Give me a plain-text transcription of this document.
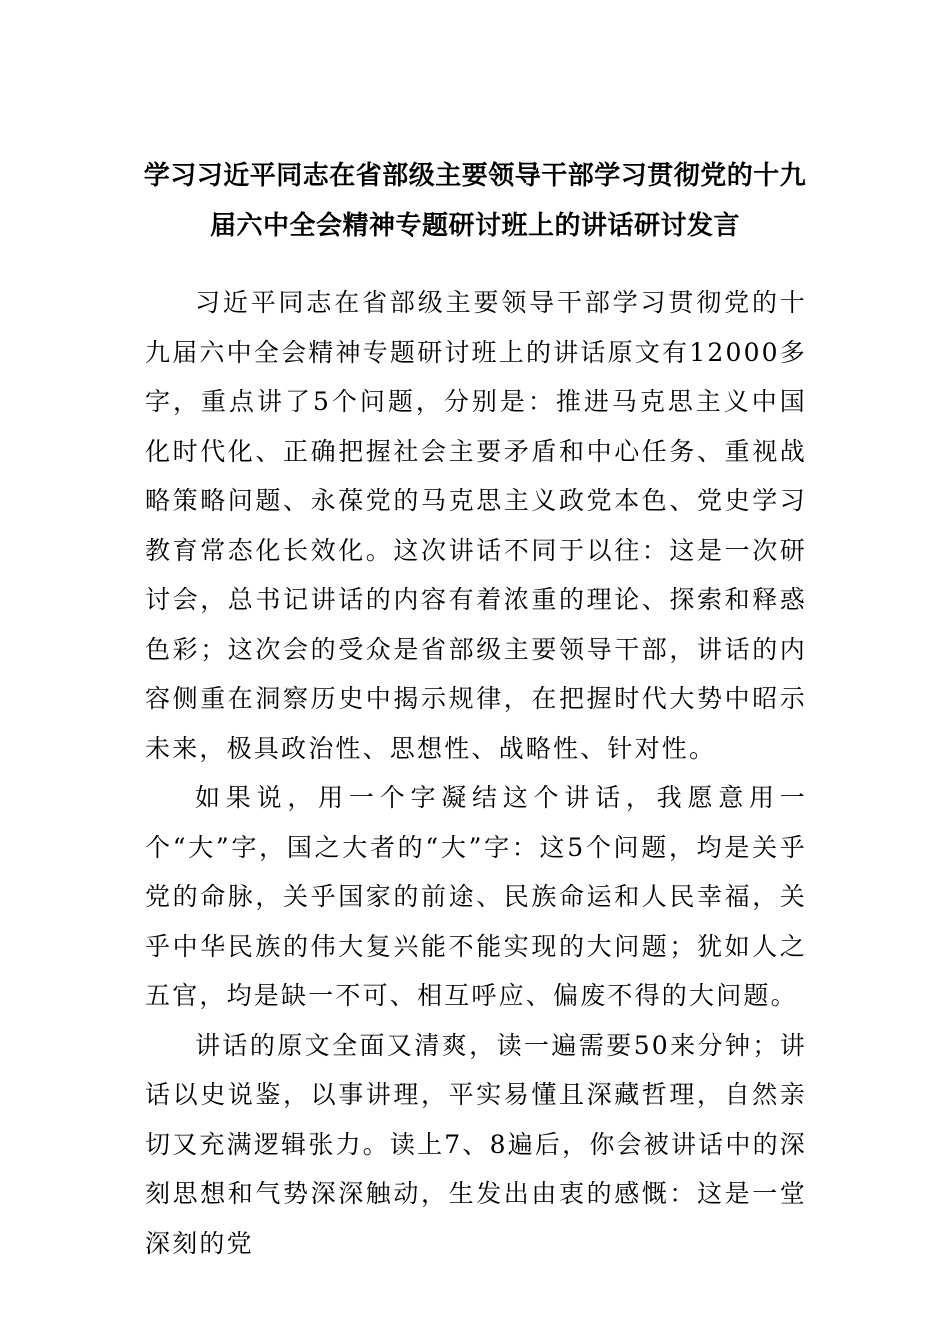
学习习近平同志在省部级主要领导干部学习贯彻党的十九
届六中全会精神专题研讨班上的讲话研讨发言

习近平同志在省部级主要领导干部学习贯彻党的十九届六中全会精神专题研讨班上的讲话原文有12000多字，重点讲了5个问题，分别是：推进马克思主义中国化时代化、正确把握社会主要矛盾和中心任务、重视战略策略问题、永葆党的马克思主义政党本色、党史学习教育常态化长效化。这次讲话不同于以往：这是一次研讨会，总书记讲话的内容有着浓重的理论、探索和释惑色彩；这次会的受众是省部级主要领导干部，讲话的内容侧重在洞察历史中揭示规律，在把握时代大势中昭示未来，极具政治性、思想性、战略性、针对性。

如果说，用一个字凝结这个讲话，我愿意用一个“大”字，国之大者的“大”字：这5个问题，均是关乎党的命脉，关乎国家的前途、民族命运和人民幸福，关乎中华民族的伟大复兴能不能实现的大问题；犹如人之五官，均是缺一不可、相互呼应、偏废不得的大问题。

讲话的原文全面又清爽，读一遍需要50来分钟；讲话以史说鉴，以事讲理，平实易懂且深藏哲理，自然亲切又充满逻辑张力。读上7、8遍后，你会被讲话中的深刻思想和气势深深触动，生发出由衷的感慨：这是一堂深刻的党
